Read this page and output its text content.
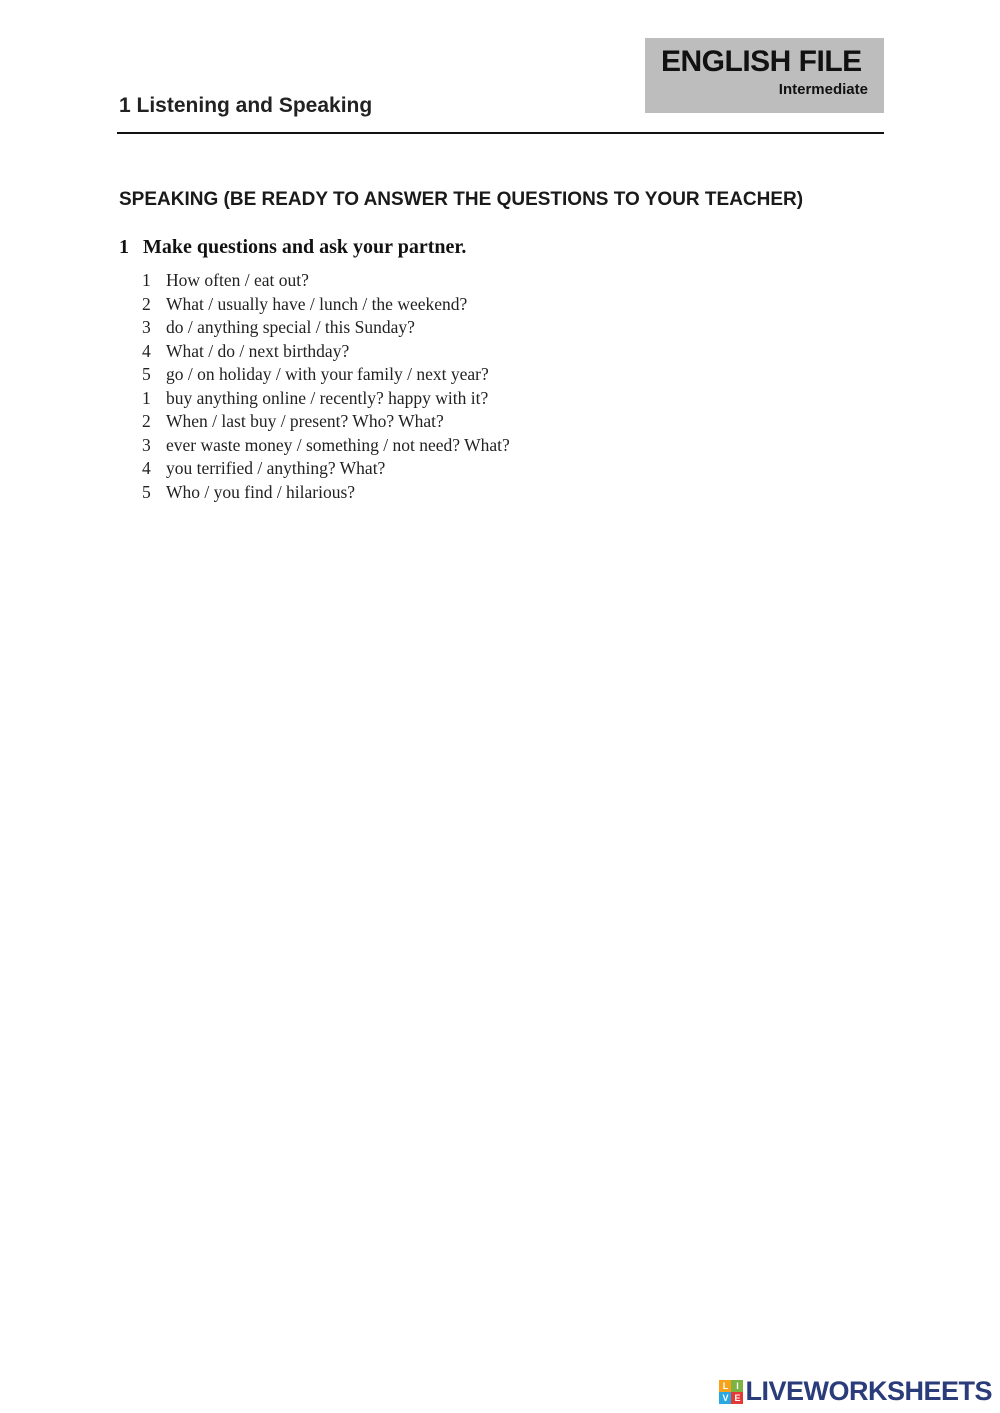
1 Listening and Speaking
ENGLISH FILE
Intermediate
SPEAKING (BE READY TO ANSWER THE QUESTIONS TO YOUR TEACHER)
1 Make questions and ask your partner.
1 How often / eat out?
2 What / usually have / lunch / the weekend?
3 do / anything special / this Sunday?
4 What / do / next birthday?
5 go / on holiday / with your family / next year?
1 buy anything online / recently? happy with it?
2 When / last buy / present? Who? What?
3 ever waste money / something / not need? What?
4 you terrified / anything? What?
5 Who / you find / hilarious?
L I
V E LIVEWORKSHEETS
